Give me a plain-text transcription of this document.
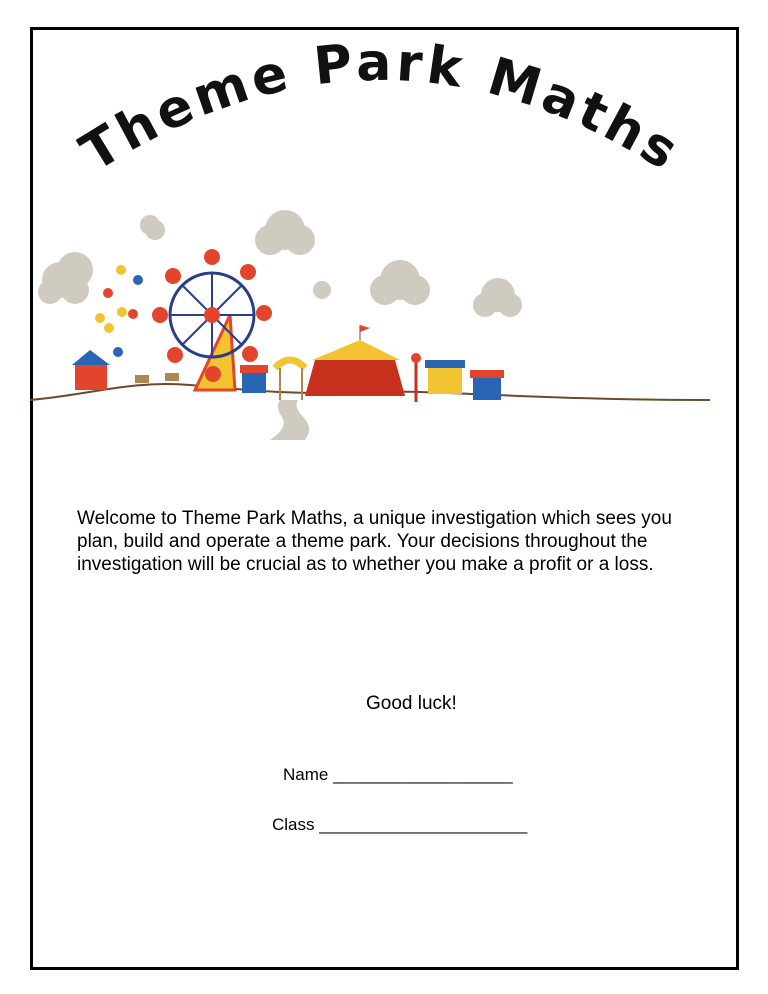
Theme Park Maths

Welcome to Theme Park Maths, a unique investigation which sees you plan, build and operate a theme park. Your decisions throughout the investigation will be crucial as to whether you make a profit or a loss.

Good luck!
Name ___________________
Class ______________________
